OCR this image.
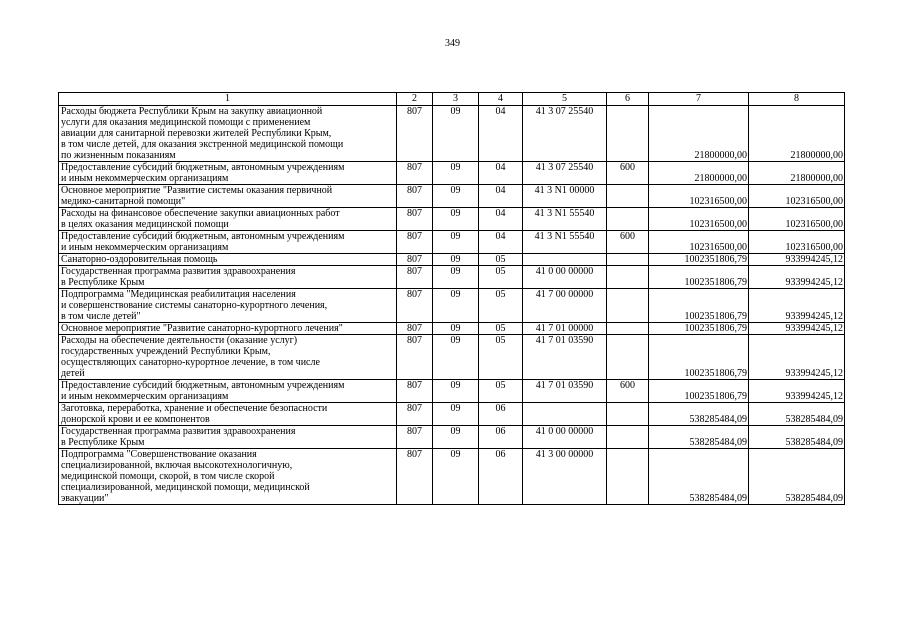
349
1	2	3	4	5	6	7	8

Расходы бюджета Республики Крым на закупку авиационной
услуги для оказания медицинской помощи с применением
авиации для санитарной перевозки жителей Республики Крым,
в том числе детей, для оказания экстренной медицинской помощи
по жизненным показаниям	807	09	04	41 3 07 25540		21800000,00	21800000,00

Предоставление субсидий бюджетным, автономным учреждениям
и иным некоммерческим организациям	807	09	04	41 3 07 25540	600	21800000,00	21800000,00

Основное мероприятие "Развитие системы оказания первичной
медико-санитарной помощи"	807	09	04	41 3 N1 00000		102316500,00	102316500,00

Расходы на финансовое обеспечение закупки авиационных работ
в целях оказания медицинской помощи	807	09	04	41 3 N1 55540		102316500,00	102316500,00

Предоставление субсидий бюджетным, автономным учреждениям
и иным некоммерческим организациям	807	09	04	41 3 N1 55540	600	102316500,00	102316500,00

Санаторно-оздоровительная помощь	807	09	05			1002351806,79	933994245,12

Государственная программа развития здравоохранения
в Республике Крым	807	09	05	41 0 00 00000		1002351806,79	933994245,12

Подпрограмма "Медицинская реабилитация населения
и совершенствование системы санаторно-курортного лечения,
в том числе детей"	807	09	05	41 7 00 00000		1002351806,79	933994245,12

Основное мероприятие "Развитие санаторно-курортного лечения"	807	09	05	41 7 01 00000		1002351806,79	933994245,12

Расходы на обеспечение деятельности (оказание услуг)
государственных учреждений Республики Крым,
осуществляющих санаторно-курортное лечение, в том числе
детей	807	09	05	41 7 01 03590		1002351806,79	933994245,12

Предоставление субсидий бюджетным, автономным учреждениям
и иным некоммерческим организациям	807	09	05	41 7 01 03590	600	1002351806,79	933994245,12

Заготовка, переработка, хранение и обеспечение безопасности
донорской крови и ее компонентов	807	09	06			538285484,09	538285484,09

Государственная программа развития здравоохранения
в Республике Крым	807	09	06	41 0 00 00000		538285484,09	538285484,09

Подпрограмма "Совершенствование оказания
специализированной, включая высокотехнологичную,
медицинской помощи, скорой, в том числе скорой
специализированной, медицинской помощи, медицинской
эвакуации"	807	09	06	41 3 00 00000		538285484,09	538285484,09
